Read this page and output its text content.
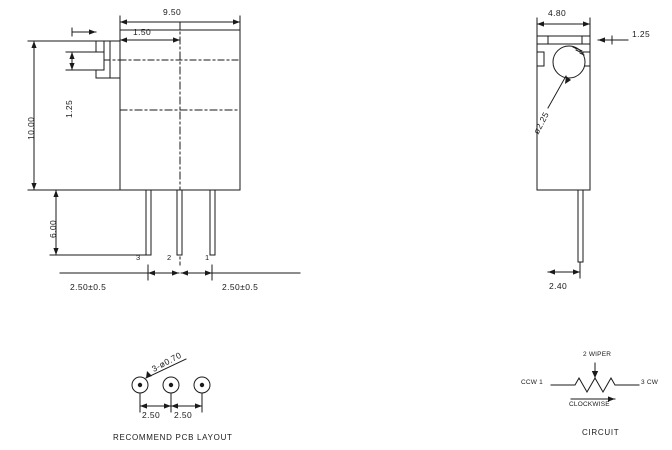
9.50
1.50
10.00
1.25
6.00
3	2	1
2.50±0.5	2.50±0.5
4.80
1.25
ø2.25
2.40
3-ø0.70
2.50 2.50
RECOMMEND PCB LAYOUT
2 WIPER
CCW 1	3 CW
CLOCKWISE
CIRCUIT
